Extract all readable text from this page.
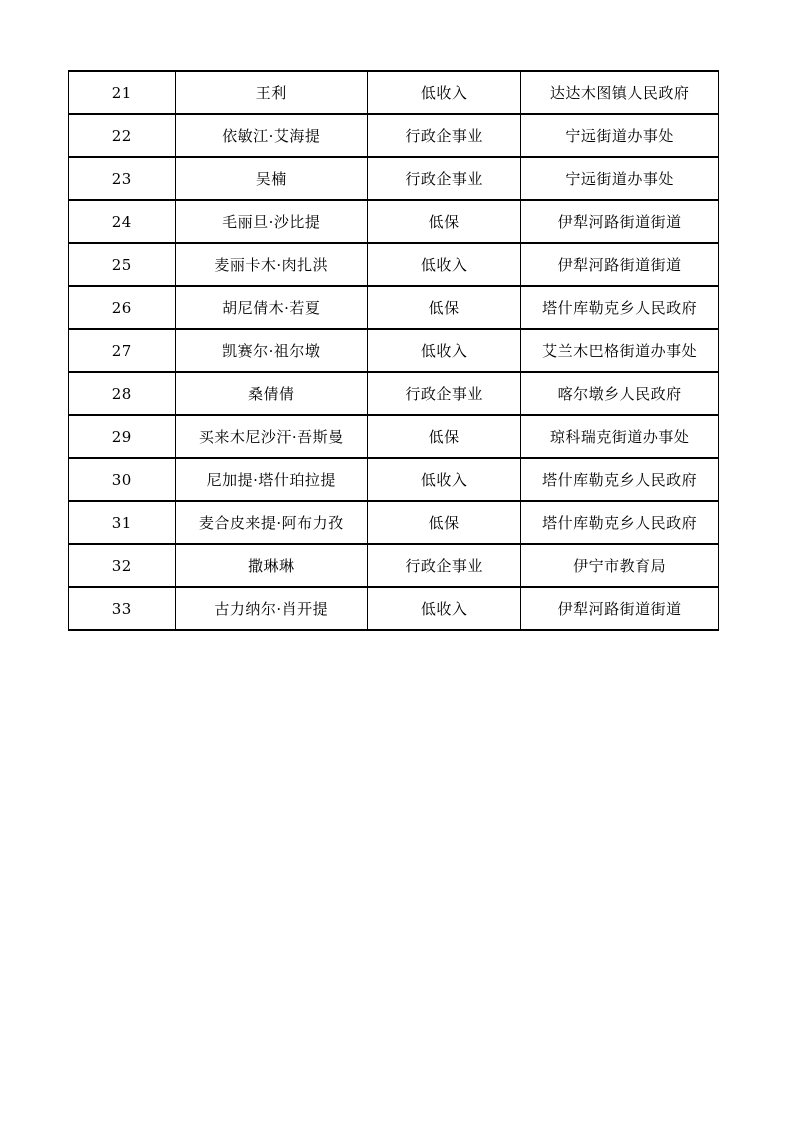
21	王利	低收入	达达木图镇人民政府
22	依敏江·艾海提	行政企事业	宁远街道办事处
23	吴楠	行政企事业	宁远街道办事处
24	毛丽旦·沙比提	低保	伊犁河路街道街道
25	麦丽卡木·肉扎洪	低收入	伊犁河路街道街道
26	胡尼倩木·若夏	低保	塔什库勒克乡人民政府
27	凯赛尔·祖尔墩	低收入	艾兰木巴格街道办事处
28	桑倩倩	行政企事业	喀尔墩乡人民政府
29	买来木尼沙汗·吾斯曼	低保	琼科瑞克街道办事处
30	尼加提·塔什珀拉提	低收入	塔什库勒克乡人民政府
31	麦合皮来提·阿布力孜	低保	塔什库勒克乡人民政府
32	撒琳琳	行政企事业	伊宁市教育局
33	古力纳尔·肖开提	低收入	伊犁河路街道街道
